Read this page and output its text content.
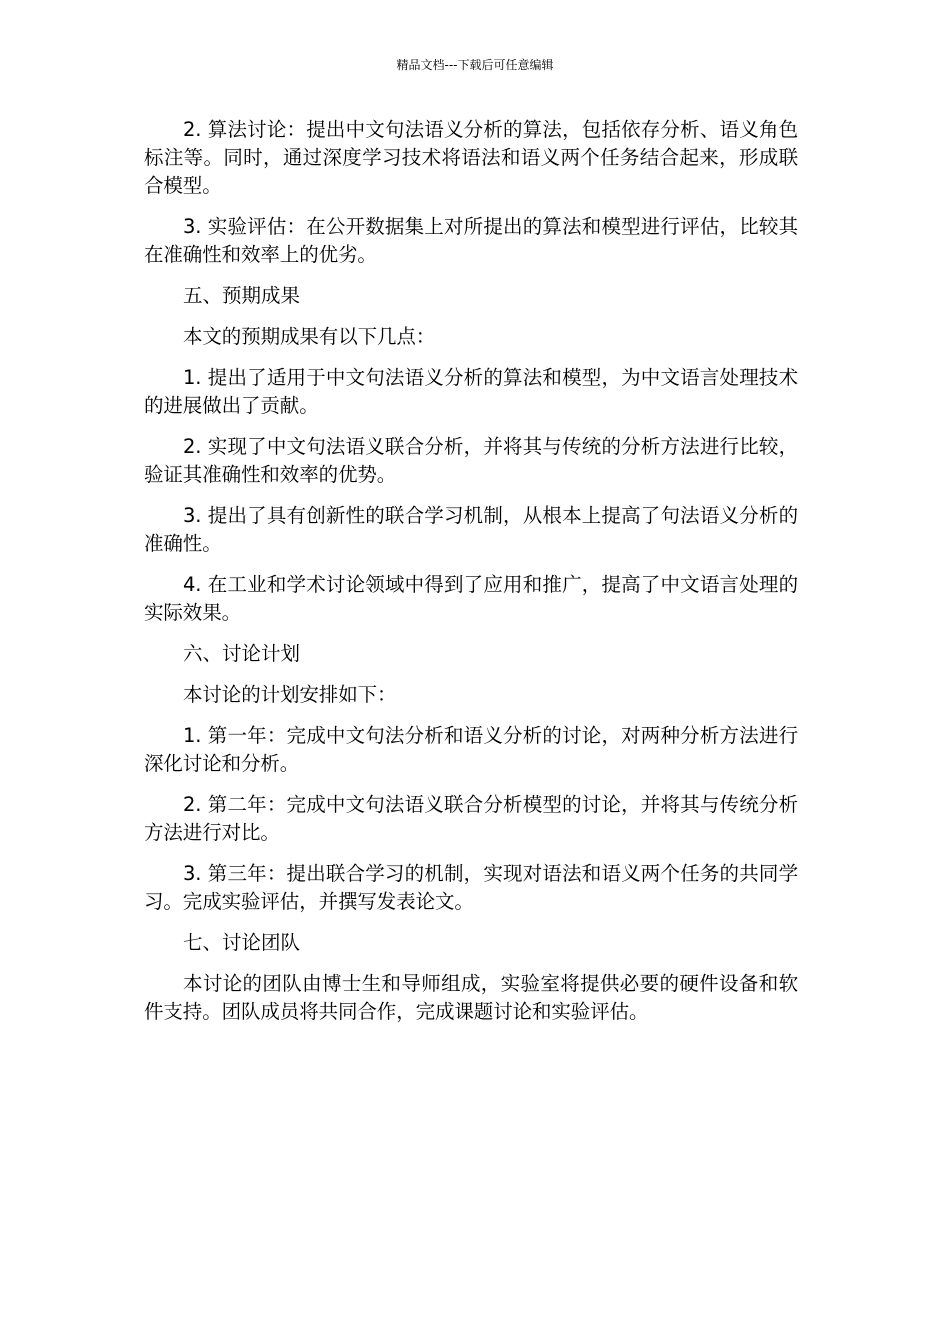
精品文档---下载后可任意编辑

2. 算法讨论：提出中文句法语义分析的算法，包括依存分析、语义角色标注等。同时，通过深度学习技术将语法和语义两个任务结合起来，形成联合模型。

3. 实验评估：在公开数据集上对所提出的算法和模型进行评估，比较其在准确性和效率上的优劣。

五、预期成果

本文的预期成果有以下几点：

1. 提出了适用于中文句法语义分析的算法和模型，为中文语言处理技术的进展做出了贡献。

2. 实现了中文句法语义联合分析，并将其与传统的分析方法进行比较，验证其准确性和效率的优势。

3. 提出了具有创新性的联合学习机制，从根本上提高了句法语义分析的准确性。

4. 在工业和学术讨论领域中得到了应用和推广，提高了中文语言处理的实际效果。

六、讨论计划

本讨论的计划安排如下：

1. 第一年：完成中文句法分析和语义分析的讨论，对两种分析方法进行深化讨论和分析。

2. 第二年：完成中文句法语义联合分析模型的讨论，并将其与传统分析方法进行对比。

3. 第三年：提出联合学习的机制，实现对语法和语义两个任务的共同学习。完成实验评估，并撰写发表论文。

七、讨论团队

本讨论的团队由博士生和导师组成，实验室将提供必要的硬件设备和软件支持。团队成员将共同合作，完成课题讨论和实验评估。
